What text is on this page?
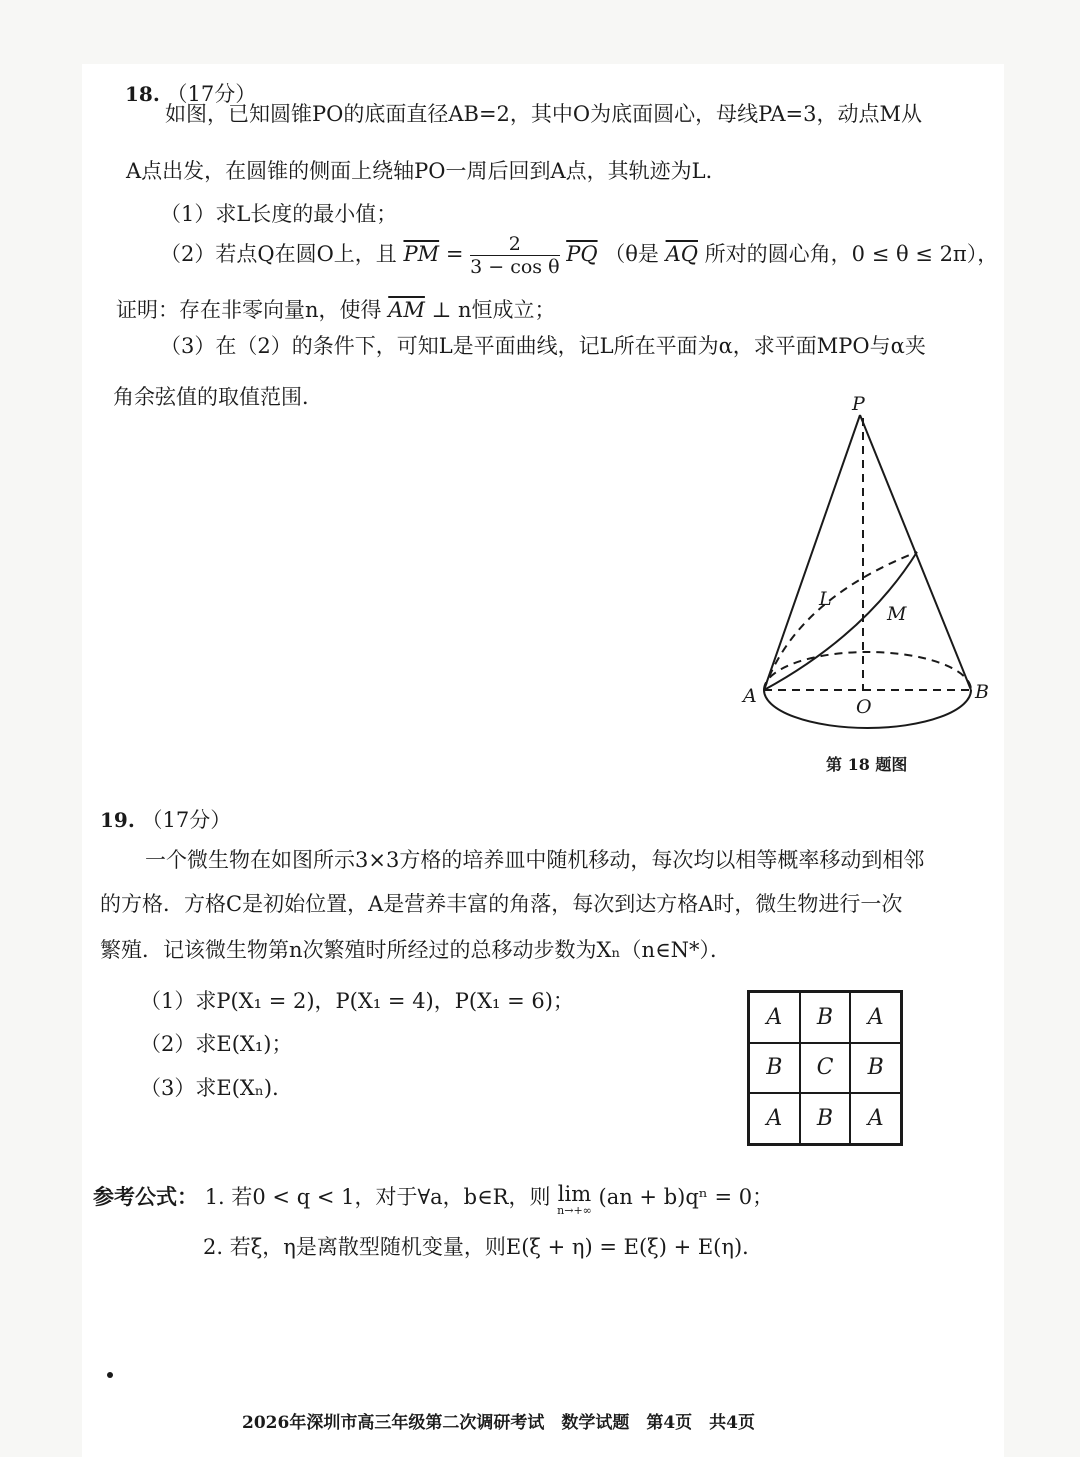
18. （17分）
如图，已知圆锥PO的底面直径AB=2，其中O为底面圆心，母线PA=3，动点M从
A点出发，在圆锥的侧面上绕轴PO一周后回到A点，其轨迹为L．
（1）求L长度的最小值；
（2）若点Q在圆O上，且 $\overline{PM} = \frac{2}{\text{3 − cos θ}} \overline{PQ}$ （θ是 $\overline{AQ}$ 所对的圆心角，0 ≤ θ ≤ 2π），
证明：存在非零向量n，使得 $\overline{AM}$ ⊥ n恒成立；
（3）在（2）的条件下，可知L是平面曲线，记L所在平面为α，求平面MPO与α夹
角余弦值的取值范围．	P
A	B
O
L
M
第 18 题图
19. （17分）
一个微生物在如图所示3×3方格的培养皿中随机移动，每次均以相等概率移动到相邻
的方格．方格C是初始位置，A是营养丰富的角落，每次到达方格A时，微生物进行一次
繁殖．记该微生物第n次繁殖时所经过的总移动步数为Xₙ（n∈N*）．
（1）求P(X₁ = 2)，P(X₁ = 4)，P(X₁ = 6)；
（2）求E(X₁)；
（3）求E(Xₙ)．
A	B	A
B	C	B
A	B	A
参考公式： 1. 若0 < q < 1，对于∀a，b∈R，则 lim
n→+∞
(an + b)qⁿ = 0；
2. 若ξ，η是离散型随机变量，则E(ξ + η) = E(ξ) + E(η)．
2026年深圳市高三年级第二次调研考试　数学试题　第4页　共4页
